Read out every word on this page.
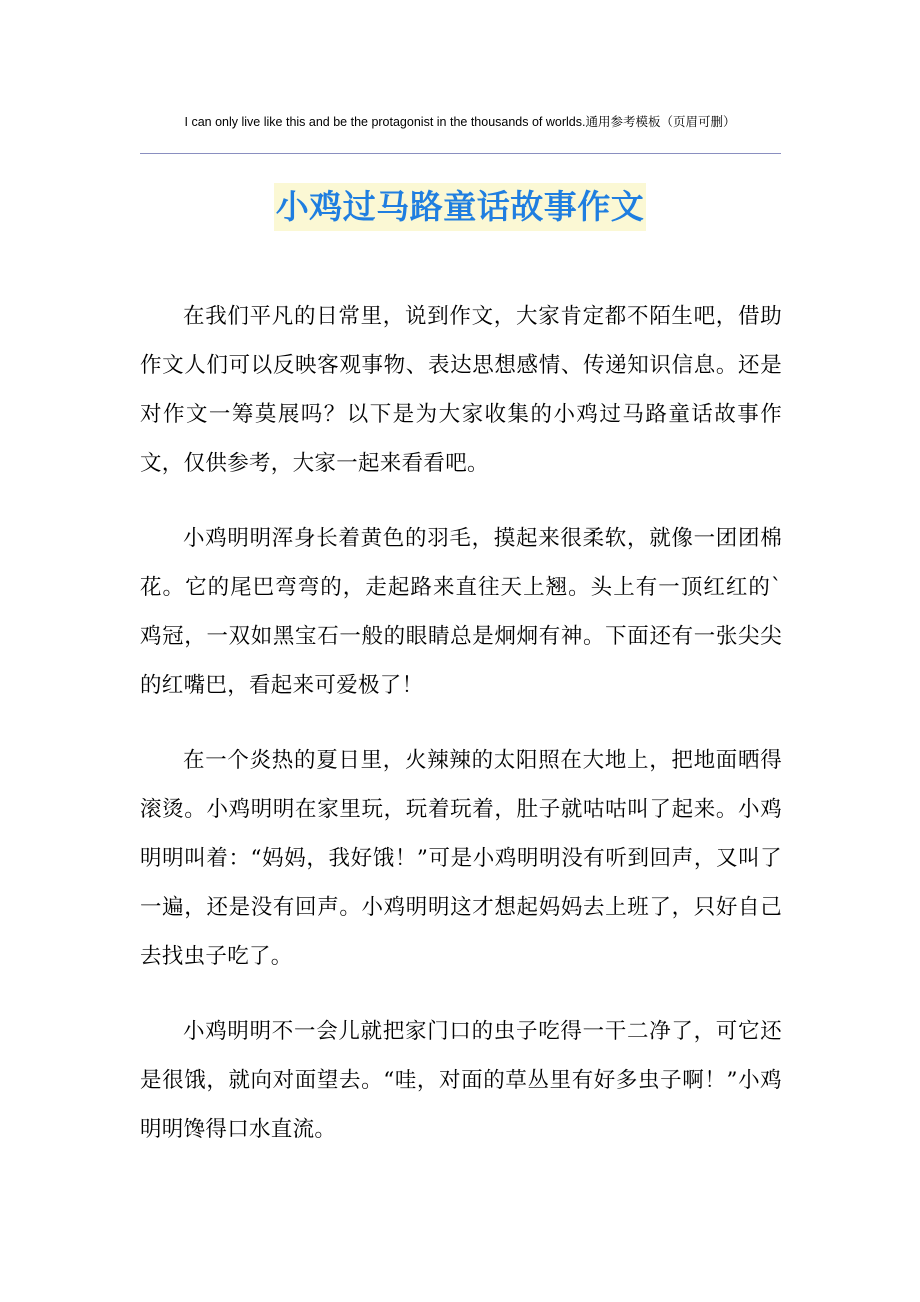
I can only live like this and be the protagonist in the thousands of worlds.通用参考模板（页眉可删）
小鸡过马路童话故事作文

在我们平凡的日常里，说到作文，大家肯定都不陌生吧，借助作文人们可以反映客观事物、表达思想感情、传递知识信息。还是对作文一筹莫展吗？以下是为大家收集的小鸡过马路童话故事作文，仅供参考，大家一起来看看吧。

小鸡明明浑身长着黄色的羽毛，摸起来很柔软，就像一团团棉花。它的尾巴弯弯的，走起路来直往天上翘。头上有一顶红红的`鸡冠，一双如黑宝石一般的眼睛总是炯炯有神。下面还有一张尖尖的红嘴巴，看起来可爱极了！

在一个炎热的夏日里，火辣辣的太阳照在大地上，把地面晒得滚烫。小鸡明明在家里玩，玩着玩着，肚子就咕咕叫了起来。小鸡明明叫着：“妈妈，我好饿！”可是小鸡明明没有听到回声，又叫了一遍，还是没有回声。小鸡明明这才想起妈妈去上班了，只好自己去找虫子吃了。

小鸡明明不一会儿就把家门口的虫子吃得一干二净了，可它还是很饿，就向对面望去。“哇，对面的草丛里有好多虫子啊！”小鸡明明馋得口水直流。
